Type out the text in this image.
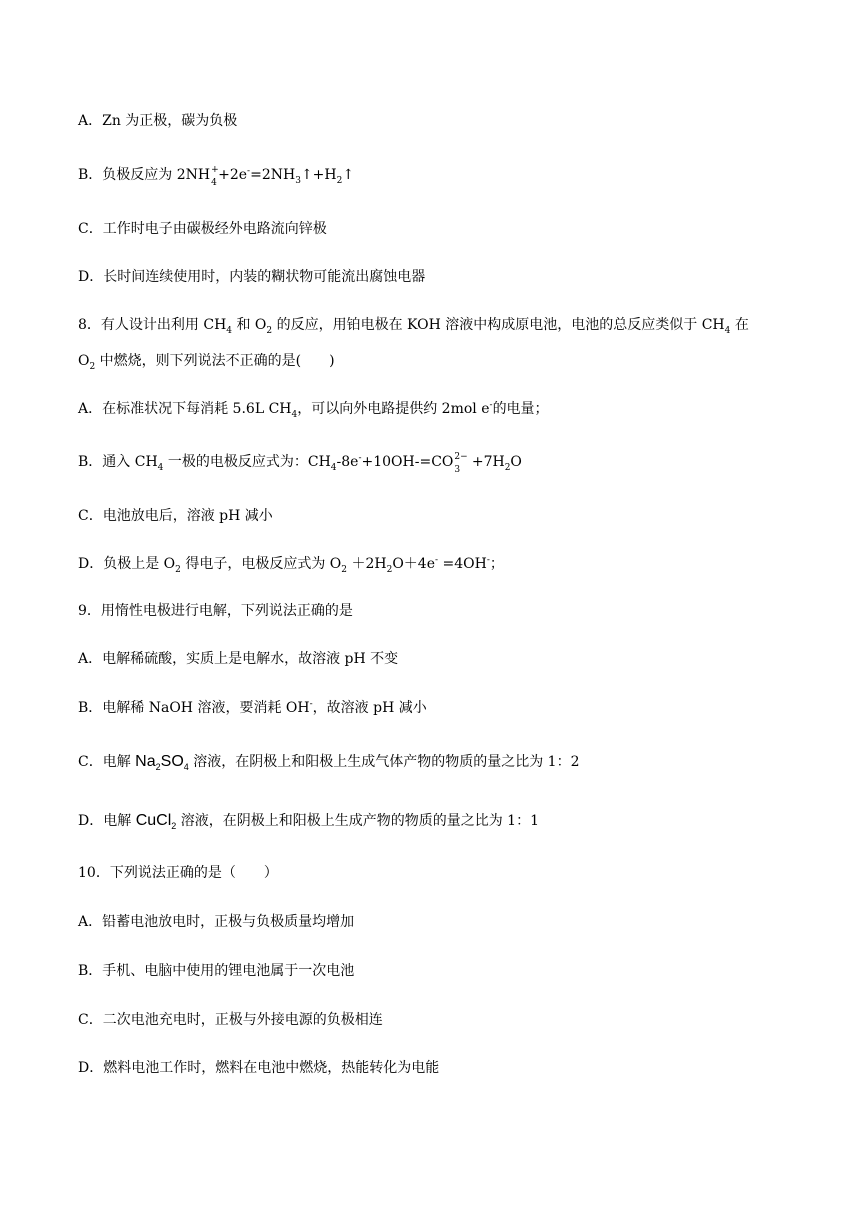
A．Zn 为正极，碳为负极
B．负极反应为 2NH +
$4 +2e^-=2NH_3↑+H_2↑$
C．工作时电子由碳极经外电路流向锌极
D．长时间连续使用时，内装的糊状物可能流出腐蚀电器
8．有人设计出利用 $CH_4$ 和 $O_2$ 的反应，用铂电极在 KOH 溶液中构成原电池，电池的总反应类似于 $CH_4$ 在
$O_2$ 中燃烧，则下列说法不正确的是(　　)
A．在标准状况下每消耗 5.6L $CH_4$，可以向外电路提供约 2mol e-的电量；
B．通入 $CH_4$ 一极的电极反应式为：$CH_4-8e^-+10OH-=CO$ 2−
$3 +7H_2O$
C．电池放电后，溶液 pH 减小
D．负极上是 $O_2$ 得电子，电极反应式为 $O_2 +2H_2O+4e^- =4OH^-$；
9．用惰性电极进行电解，下列说法正确的是
A．电解稀硫酸，实质上是电解水，故溶液 pH 不变
B．电解稀 NaOH 溶液，要消耗 OH-，故溶液 pH 减小
C．电解 $Na_2SO_4$ 溶液，在阴极上和阳极上生成气体产物的物质的量之比为 1：2
D．电解 CuCl$_2$ 溶液，在阴极上和阳极上生成产物的物质的量之比为 1：1
10．下列说法正确的是（　　）
A．铅蓄电池放电时，正极与负极质量均增加
B．手机、电脑中使用的锂电池属于一次电池
C．二次电池充电时，正极与外接电源的负极相连
D．燃料电池工作时，燃料在电池中燃烧，热能转化为电能
